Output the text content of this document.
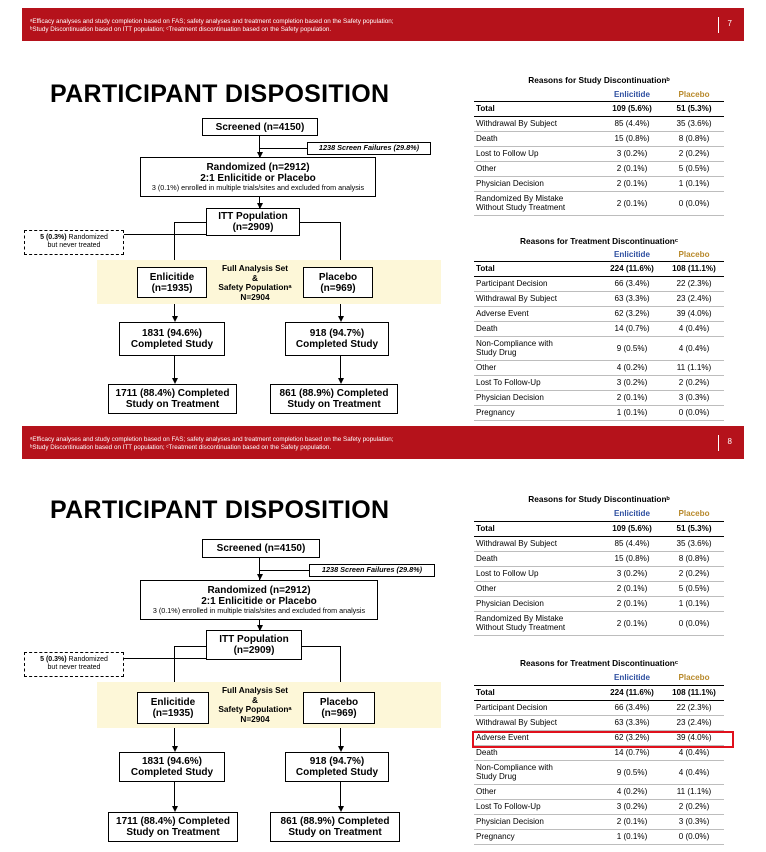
ᵃEfficacy analyses and study completion based on FAS; safety analyses and treatment completion based on the Safety population;
ᵇStudy Discontinuation based on ITT population; ᶜTreatment discontinuation based on the Safety population.
7
PARTICIPANT DISPOSITION
Screened (n=4150)
1238 Screen Failures (29.8%)
Randomized (n=2912)
2:1 Enlicitide or Placebo
3 (0.1%) enrolled in multiple trials/sites and excluded from analysis
ITT Population
(n=2909)
5 (0.3%) Randomized
but never treated
Enlicitide
(n=1935)
Full Analysis Set
&
Safety Populationᵃ
N=2904
Placebo
(n=969)
1831 (94.6%)
Completed Study
918 (94.7%)
Completed Study
1711 (88.4%) Completed
Study on Treatment
861 (88.9%) Completed
Study on Treatment
Reasons for Study Discontinuationᵇ
	Enlicitide	Placebo
Total	109 (5.6%)	51 (5.3%)
Withdrawal By Subject	85 (4.4%)	35 (3.6%)
Death	15 (0.8%)	8 (0.8%)
Lost to Follow Up	3 (0.2%)	2 (0.2%)
Other	2 (0.1%)	5 (0.5%)
Physician Decision	2 (0.1%)	1 (0.1%)

Randomized By Mistake
Without Study Treatment	2 (0.1%)	0 (0.0%)
Reasons for Treatment Discontinuationᶜ
	Enlicitide	Placebo
Total	224 (11.6%)	108 (11.1%)
Participant Decision	66 (3.4%)	22 (2.3%)
Withdrawal By Subject	63 (3.3%)	23 (2.4%)
Adverse Event	62 (3.2%)	39 (4.0%)
Death	14 (0.7%)	4 (0.4%)

Non-Compliance with
Study Drug	9 (0.5%)	4 (0.4%)
Other	4 (0.2%)	11 (1.1%)
Lost To Follow-Up	3 (0.2%)	2 (0.2%)
Physician Decision	2 (0.1%)	3 (0.3%)
Pregnancy	1 (0.1%)	0 (0.0%)
ᵃEfficacy analyses and study completion based on FAS; safety analyses and treatment completion based on the Safety population;
ᵇStudy Discontinuation based on ITT population; ᶜTreatment discontinuation based on the Safety population.
8
PARTICIPANT DISPOSITION
Screened (n=4150)
1238 Screen Failures (29.8%)
Randomized (n=2912)
2:1 Enlicitide or Placebo
3 (0.1%) enrolled in multiple trials/sites and excluded from analysis
ITT Population
(n=2909)
5 (0.3%) Randomized
but never treated
Enlicitide
(n=1935)
Full Analysis Set
&
Safety Populationᵃ
N=2904
Placebo
(n=969)
1831 (94.6%)
Completed Study
918 (94.7%)
Completed Study
1711 (88.4%) Completed
Study on Treatment
861 (88.9%) Completed
Study on Treatment
Reasons for Study Discontinuationᵇ
	Enlicitide	Placebo
Total	109 (5.6%)	51 (5.3%)
Withdrawal By Subject	85 (4.4%)	35 (3.6%)
Death	15 (0.8%)	8 (0.8%)
Lost to Follow Up	3 (0.2%)	2 (0.2%)
Other	2 (0.1%)	5 (0.5%)
Physician Decision	2 (0.1%)	1 (0.1%)

Randomized By Mistake
Without Study Treatment	2 (0.1%)	0 (0.0%)
Reasons for Treatment Discontinuationᶜ
	Enlicitide	Placebo
Total	224 (11.6%)	108 (11.1%)
Participant Decision	66 (3.4%)	22 (2.3%)
Withdrawal By Subject	63 (3.3%)	23 (2.4%)
Adverse Event	62 (3.2%)	39 (4.0%)
Death	14 (0.7%)	4 (0.4%)

Non-Compliance with
Study Drug	9 (0.5%)	4 (0.4%)
Other	4 (0.2%)	11 (1.1%)
Lost To Follow-Up	3 (0.2%)	2 (0.2%)
Physician Decision	2 (0.1%)	3 (0.3%)
Pregnancy	1 (0.1%)	0 (0.0%)
